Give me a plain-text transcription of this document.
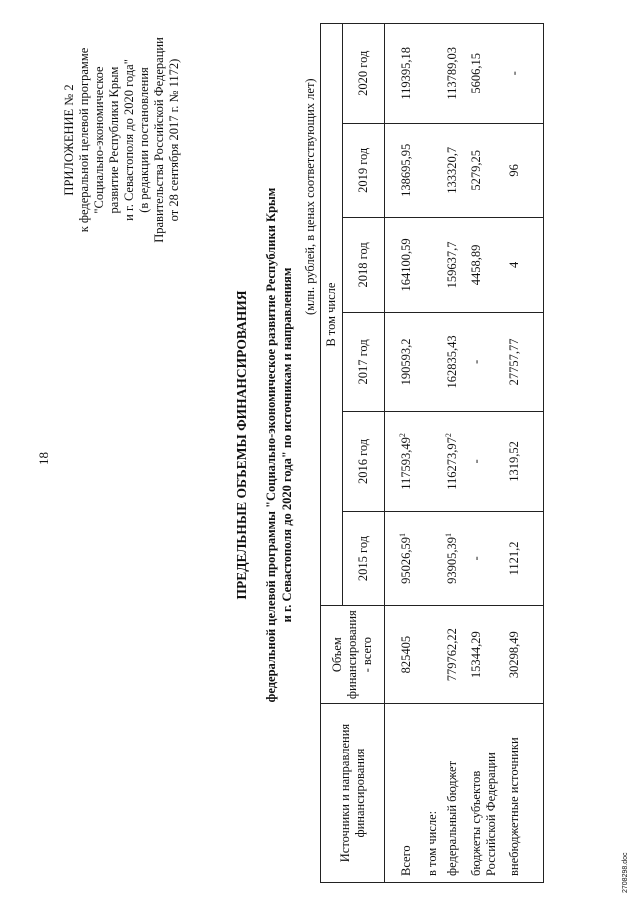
18
ПРИЛОЖЕНИЕ № 2 к федеральной целевой программе "Социально-экономическое развитие Республики Крым и г. Севастополя до 2020 года" (в редакции постановления Правительства Российской Федерации от 28 сентября 2017 г. № 1172)
ПРЕДЕЛЬНЫЕ ОБЪЕМЫ ФИНАНСИРОВАНИЯ федеральной целевой программы "Социально-экономическое развитие Республики Крым и г. Севастополя до 2020 года" по источникам и направлениям
(млн. рублей, в ценах соответствующих лет)
Источники и направления финансирования	Объем финансирования - всего	В том числе					
		2015 год	2016 год	2017 год	2018 год	2019 год	2020 год
Всего	825405	95026,59$^1$	117593,49$^2$	190593,2	164100,59	138695,95	119395,18
в том числе:							
федеральный бюджет	779762,22	93905,39$^1$	116273,97$^2$	162835,43	159637,7	133320,7	113789,03
бюджеты субъектов Российской Федерации	15344,29	-	-	-	4458,89	5279,25	5606,15
внебюджетные источники	30298,49	1121,2	1319,52	27757,77	4	96	-
2708298.doc
